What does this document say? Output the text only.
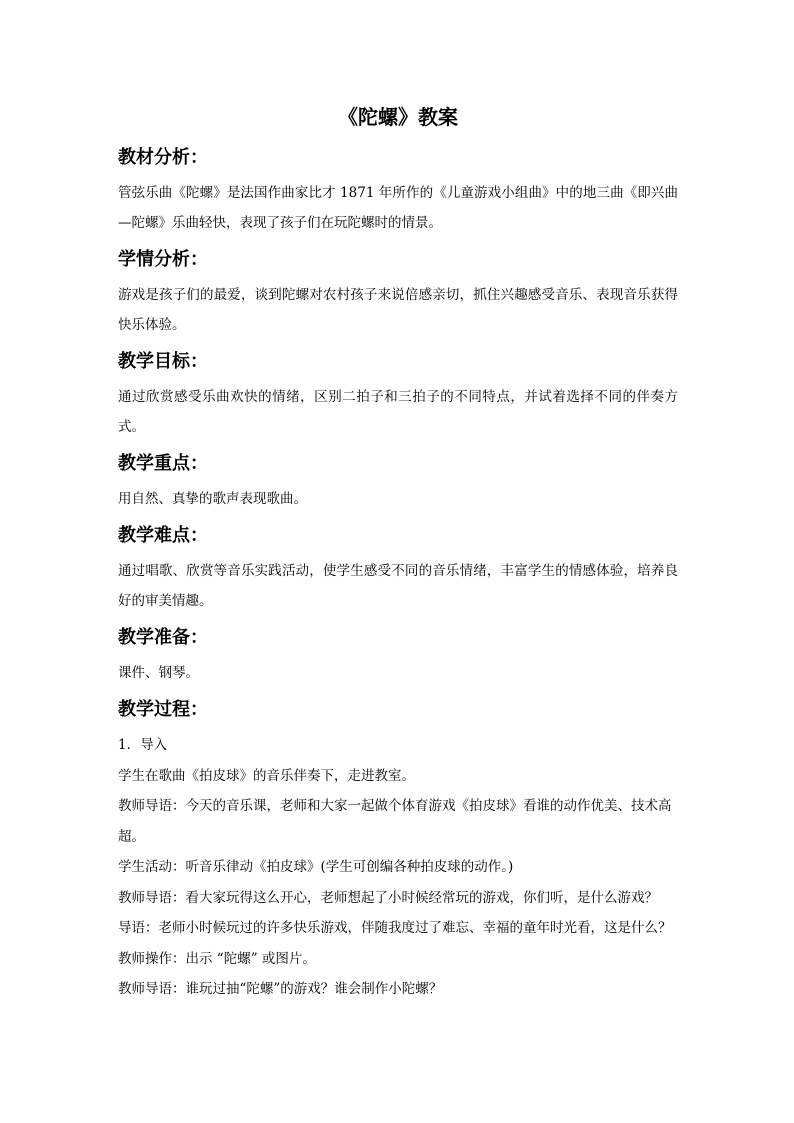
《陀螺》教案
教材分析：

管弦乐曲《陀螺》是法国作曲家比才 1871 年所作的《儿童游戏小组曲》中的地三曲《即兴曲—陀螺》乐曲轻快，表现了孩子们在玩陀螺时的情景。

学情分析：

游戏是孩子们的最爱，谈到陀螺对农村孩子来说倍感亲切，抓住兴趣感受音乐、表现音乐获得快乐体验。

教学目标：

通过欣赏感受乐曲欢快的情绪，区别二拍子和三拍子的不同特点，并试着选择不同的伴奏方式。

教学重点：

用自然、真挚的歌声表现歌曲。

教学难点：

通过唱歌、欣赏等音乐实践活动，使学生感受不同的音乐情绪，丰富学生的情感体验，培养良好的审美情趣。

教学准备：

课件、钢琴。

教学过程：

1．导入

学生在歌曲《拍皮球》的音乐伴奏下，走进教室。

教师导语：今天的音乐课，老师和大家一起做个体育游戏《拍皮球》看谁的动作优美、技术高超。

学生活动：听音乐律动《拍皮球》(学生可创编各种拍皮球的动作。)

教师导语：看大家玩得这么开心，老师想起了小时候经常玩的游戏，你们听，是什么游戏？

导语：老师小时候玩过的许多快乐游戏，伴随我度过了难忘、幸福的童年时光看，这是什么？

教师操作：出示 “陀螺” 或图片。

教师导语：谁玩过抽“陀螺”的游戏？谁会制作小陀螺？
